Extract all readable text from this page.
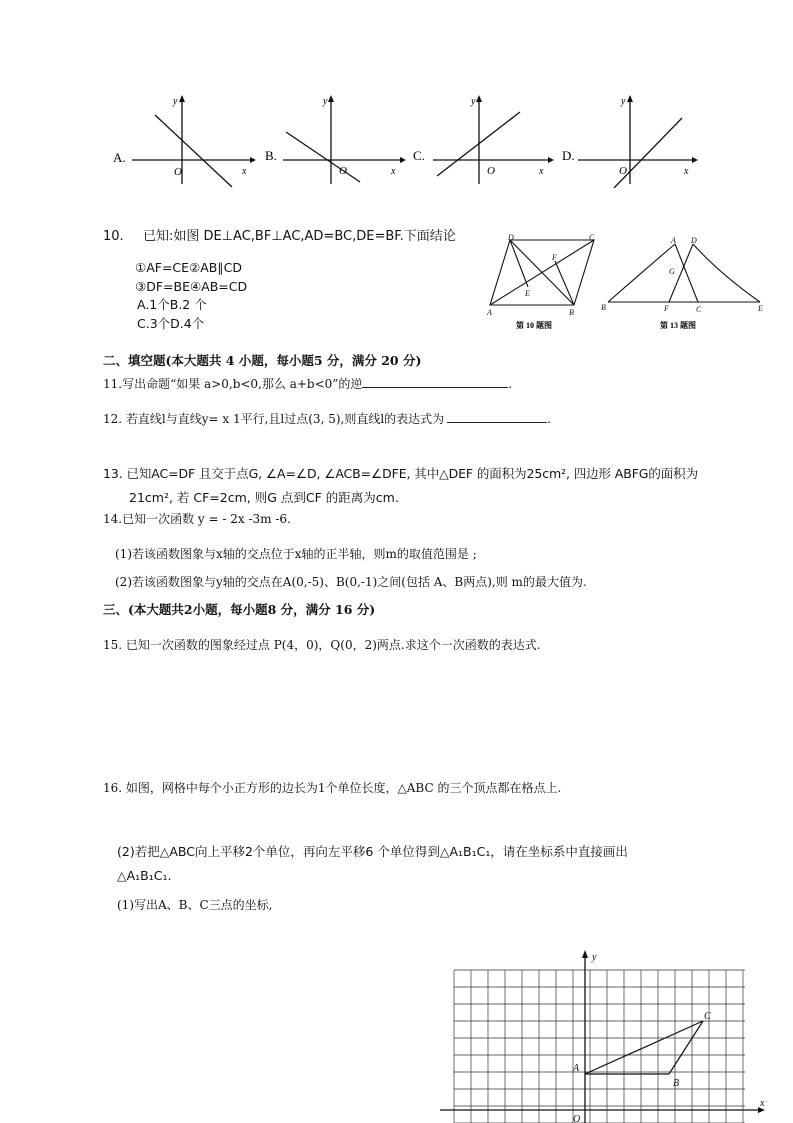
A.
y
O	x
B.
y
O	x
C.
y
O	x
D.
y
O	x
10. 已知:如图 DE⊥AC,BF⊥AC,AD=BC,DE=BF.下面结论
①AF=CE②AB∥CD
③DF=BE④AB=CD
A.1个B.2 个
C.3个D.4个
D	C
A	B
E
F
第 10 题图
A D
G
B	F	C	E
第 13 题图
二、填空题(本大题共 4 小题，每小题5 分，满分 20 分)
11.写出命题“如果 a>0,b<0,那么 a+b<0”的逆	.
12. 若直线l与直线y= x 1平行,且l过点(3, 5),则直线l的表达式为	.
13. 已知AC=DF 且交于点G, ∠A=∠D, ∠ACB=∠DFE, 其中△DEF 的面积为25cm², 四边形 ABFG的面积为
21cm², 若 CF=2cm, 则G 点到CF 的距离为cm.
14.已知一次函数 y = - 2x -3m -6.
(1)若该函数图象与x轴的交点位于x轴的正半轴，则m的取值范围是 ;
(2)若该函数图象与y轴的交点在A(0,-5)、B(0,-1)之间(包括 A、B两点),则 m的最大值为.
三、(本大题共2小题，每小题8 分，满分 16 分)
15. 已知一次函数的图象经过点 P(4，0)，Q(0，2)两点.求这个一次函数的表达式.
16. 如图，网格中每个小正方形的边长为1个单位长度，△ABC 的三个顶点都在格点上.
(2)若把△ABC向上平移2个单位，再向左平移6 个单位得到△A₁B₁C₁，请在坐标系中直接画出
△A₁B₁C₁.
(1)写出A、B、C三点的坐标,
y
x
O
A
B
C
